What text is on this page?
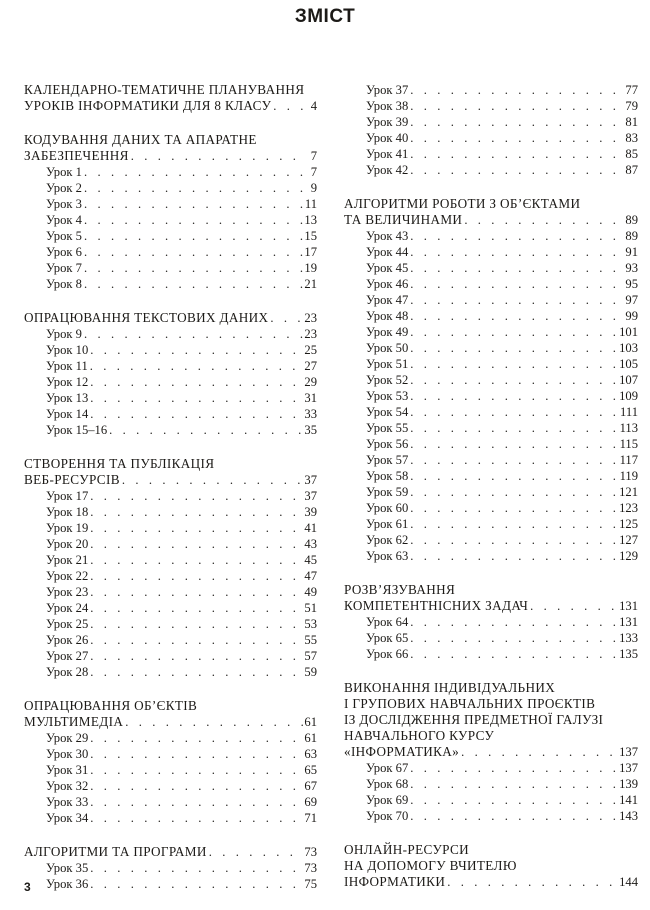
ЗМІСТ
КАЛЕНДАРНО-ТЕМАТИЧНЕ ПЛАНУВАННЯ
УРОКІВ ІНФОРМАТИКИ ДЛЯ 8 КЛАСУ . . .	4
КОДУВАННЯ ДАНИХ ТА АПАРАТНЕ
ЗАБЕЗПЕЧЕННЯ . . .	7
Урок 1 . . .	7
Урок 2 . . .	9
Урок 3 . . .	11
Урок 4 . . .	13
Урок 5 . . .	15
Урок 6 . . .	17
Урок 7 . . .	19
Урок 8 . . .	21
ОПРАЦЮВАННЯ ТЕКСТОВИХ ДАНИХ . . .	23
Урок 9 . . .	23
Урок 10 . . .	25
Урок 11 . . .	27
Урок 12 . . .	29
Урок 13 . . .	31
Урок 14 . . .	33
Урок 15–16 . . .	35
СТВОРЕННЯ ТА ПУБЛІКАЦІЯ
ВЕБ-РЕСУРСІВ . . .	37
Урок 17 . . .	37
Урок 18 . . .	39
Урок 19 . . .	41
Урок 20 . . .	43
Урок 21 . . .	45
Урок 22 . . .	47
Урок 23 . . .	49
Урок 24 . . .	51
Урок 25 . . .	53
Урок 26 . . .	55
Урок 27 . . .	57
Урок 28 . . .	59
ОПРАЦЮВАННЯ ОБ’ЄКТІВ
МУЛЬТИМЕДІА . . .	61
Урок 29 . . .	61
Урок 30 . . .	63
Урок 31 . . .	65
Урок 32 . . .	67
Урок 33 . . .	69
Урок 34 . . .	71
АЛГОРИТМИ ТА ПРОГРАМИ . . .	73
Урок 35 . . .	73
Урок 36 . . .	75
Урок 37 . . .	77
Урок 38 . . .	79
Урок 39 . . .	81
Урок 40 . . .	83
Урок 41 . . .	85
Урок 42 . . .	87
АЛГОРИТМИ РОБОТИ З ОБ’ЄКТАМИ
ТА ВЕЛИЧИНАМИ . . .	89
Урок 43 . . .	89
Урок 44 . . .	91
Урок 45 . . .	93
Урок 46 . . .	95
Урок 47 . . .	97
Урок 48 . . .	99
Урок 49 . . .	101
Урок 50 . . .	103
Урок 51 . . .	105
Урок 52 . . .	107
Урок 53 . . .	109
Урок 54 . . .	111
Урок 55 . . .	113
Урок 56 . . .	115
Урок 57 . . .	117
Урок 58 . . .	119
Урок 59 . . .	121
Урок 60 . . .	123
Урок 61 . . .	125
Урок 62 . . .	127
Урок 63 . . .	129
РОЗВ’ЯЗУВАННЯ
КОМПЕТЕНТНІСНИХ ЗАДАЧ . . .	131
Урок 64 . . .	131
Урок 65 . . .	133
Урок 66 . . .	135
ВИКОНАННЯ ІНДИВІДУАЛЬНИХ
І ГРУПОВИХ НАВЧАЛЬНИХ ПРОЄКТІВ
ІЗ ДОСЛІДЖЕННЯ ПРЕДМЕТНОЇ ГАЛУЗІ
НАВЧАЛЬНОГО КУРСУ
«ІНФОРМАТИКА» . . .	137
Урок 67 . . .	137
Урок 68 . . .	139
Урок 69 . . .	141
Урок 70 . . .	143
ОНЛАЙН-РЕСУРСИ
НА ДОПОМОГУ ВЧИТЕЛЮ
ІНФОРМАТИКИ . . .	144
3
